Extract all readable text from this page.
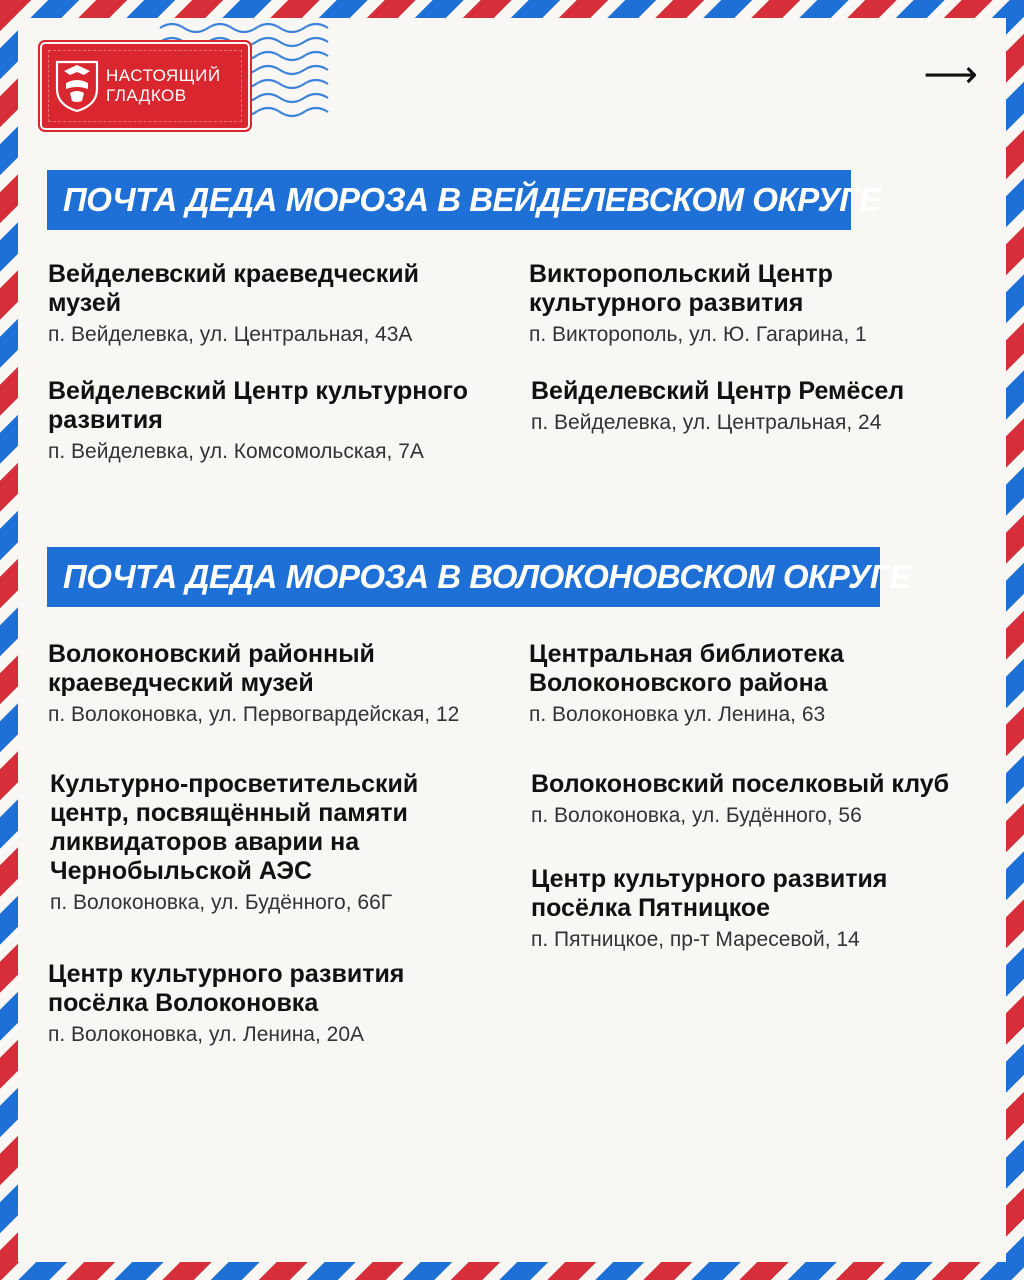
НАСТОЯЩИЙ
ГЛАДКОВ	⟶
ПОЧТА ДЕДА МОРОЗА В ВЕЙДЕЛЕВСКОМ ОКРУГЕ
Вейделевский краеведческий музей
п. Вейделевка, ул. Центральная, 43А
Викторопольский Центр культурного развития
п. Викторополь, ул. Ю. Гагарина, 1
Вейделевский Центр культурного развития
п. Вейделевка, ул. Комсомольская, 7А
Вейделевский Центр Ремёсел
п. Вейделевка, ул. Центральная, 24
ПОЧТА ДЕДА МОРОЗА В ВОЛОКОНОВСКОМ ОКРУГЕ
Волоконовский районный краеведческий музей
п. Волоконовка, ул. Первогвардейская, 12
Центральная библиотека Волоконовского района
п. Волоконовка ул. Ленина, 63
Культурно-просветительский центр, посвящённый памяти ликвидаторов аварии на Чернобыльской АЭС
п. Волоконовка, ул. Будённого, 66Г
Волоконовский поселковый клуб
п. Волоконовка, ул. Будённого, 56
Центр культурного развития посёлка Пятницкое
п. Пятницкое, пр-т Маресевой, 14
Центр культурного развития посёлка Волоконовка
п. Волоконовка, ул. Ленина, 20А
